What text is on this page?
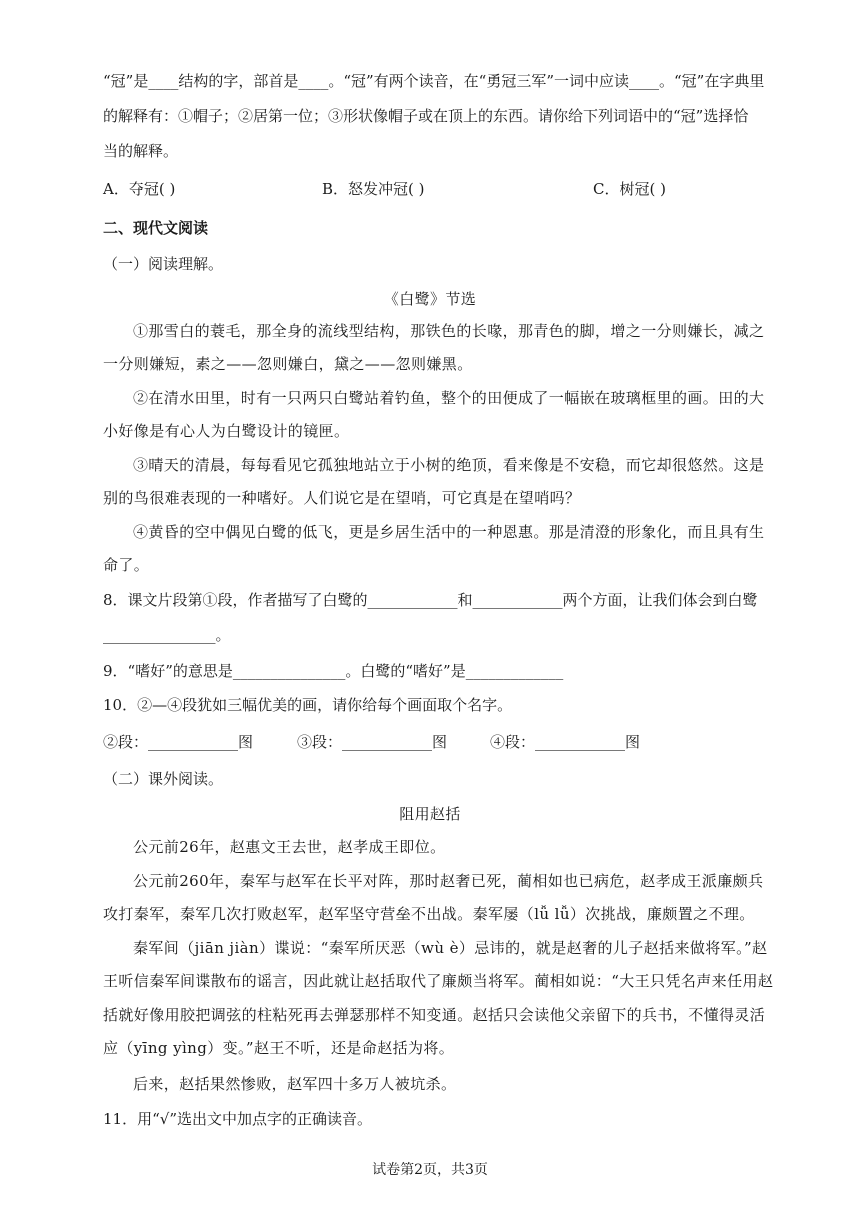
“冠”是____结构的字，部首是____。“冠”有两个读音，在“勇冠三军”一词中应读____。“冠”在字典里
的解释有：①帽子；②居第一位；③形状像帽子或在顶上的东西。请你给下列词语中的“冠”选择恰
当的解释。
A．夺冠( )	B．怒发冲冠( )	C．树冠( )
二、现代文阅读
（一）阅读理解。
《白鹭》节选
①那雪白的蓑毛，那全身的流线型结构，那铁色的长喙，那青色的脚，增之一分则嫌长，减之
一分则嫌短，素之——忽则嫌白，黛之——忽则嫌黑。
②在清水田里，时有一只两只白鹭站着钓鱼，整个的田便成了一幅嵌在玻璃框里的画。田的大
小好像是有心人为白鹭设计的镜匣。
③晴天的清晨，每每看见它孤独地站立于小树的绝顶，看来像是不安稳，而它却很悠然。这是
别的鸟很难表现的一种嗜好。人们说它是在望哨，可它真是在望哨吗？
④黄昏的空中偶见白鹭的低飞，更是乡居生活中的一种恩惠。那是清澄的形象化，而且具有生
命了。
8．课文片段第①段，作者描写了白鹭的____________和____________两个方面，让我们体会到白鹭
_______________。
9．“嗜好”的意思是_______________。白鹭的“嗜好”是_____________
10．②—④段犹如三幅优美的画，请你给每个画面取个名字。
②段：____________图	③段：____________图	④段：____________图
（二）课外阅读。
阻用赵括
公元前26年，赵惠文王去世，赵孝成王即位。
公元前260年，秦军与赵军在长平对阵，那时赵奢已死，蔺相如也已病危，赵孝成王派廉颇兵
攻打秦军，秦军几次打败赵军，赵军坚守营垒不出战。秦军屡（lǚ lǚ）次挑战，廉颇置之不理。
秦军间（jiān jiàn）谍说：“秦军所厌恶（wù è）忌讳的，就是赵奢的儿子赵括来做将军。”赵
王听信秦军间谍散布的谣言，因此就让赵括取代了廉颇当将军。蔺相如说：“大王只凭名声来任用赵
括就好像用胶把调弦的柱粘死再去弹瑟那样不知变通。赵括只会读他父亲留下的兵书，不懂得灵活
应（yīng yìng）变。”赵王不听，还是命赵括为将。
后来，赵括果然惨败，赵军四十多万人被坑杀。
11．用“√”选出文中加点字的正确读音。
试卷第2页，共3页
